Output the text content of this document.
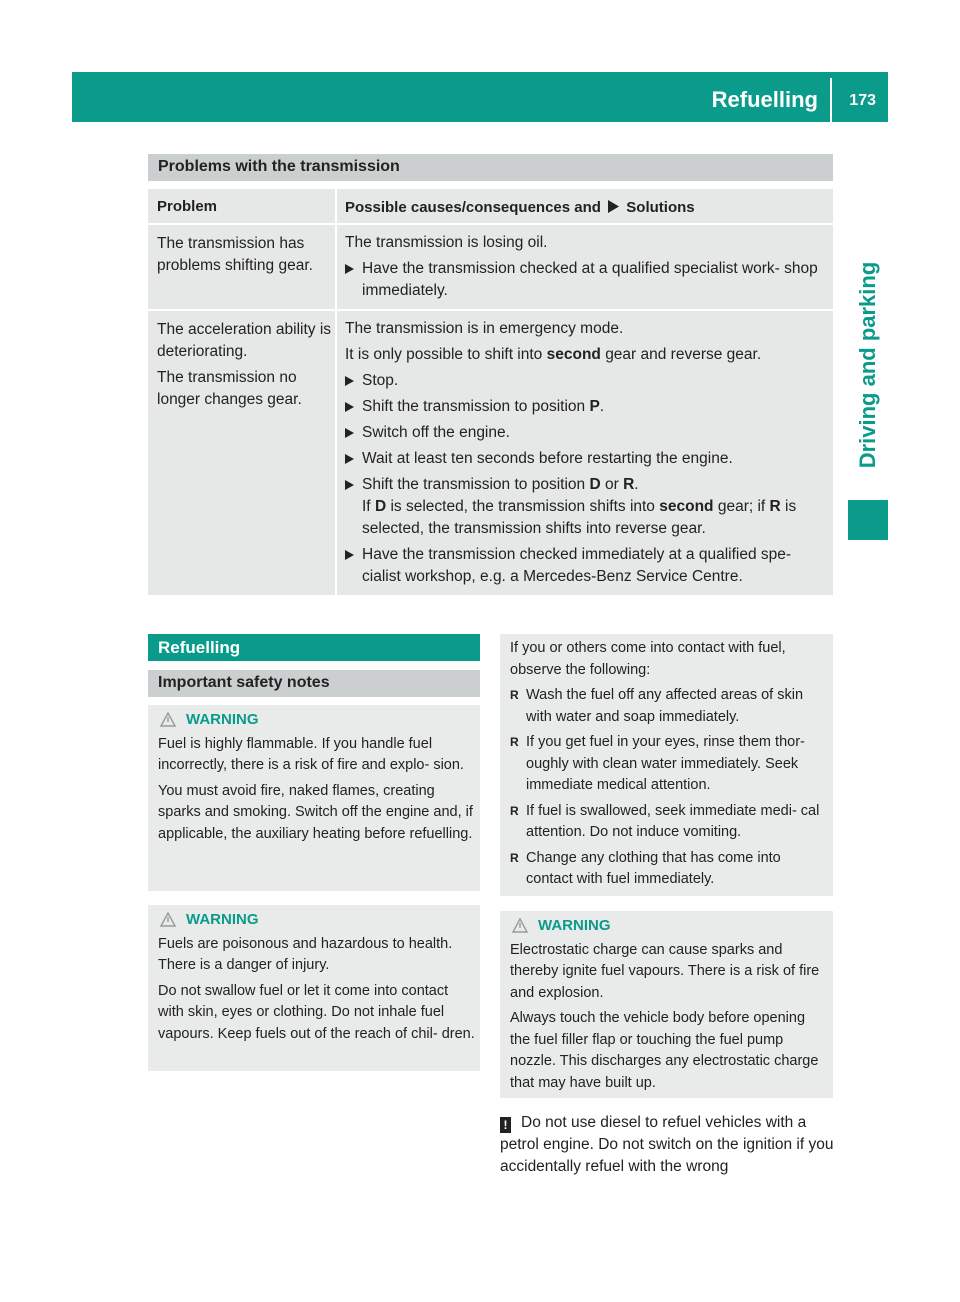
Refuelling 173
Driving and parking
Problems with the transmission
Problem	Possible causes/consequences and Solutions
The transmission has problems shifting gear.

The transmission is losing oil.

Have the transmission checked at a qualified specialist work- shop immediately.

The acceleration ability is deteriorating.

The transmission no longer changes gear.

The transmission is in emergency mode.

It is only possible to shift into second gear and reverse gear.

Stop.

Shift the transmission to position P.

Switch off the engine.

Wait at least ten seconds before restarting the engine.

Shift the transmission to position D or R.
If D is selected, the transmission shifts into second gear; if R is selected, the transmission shifts into reverse gear.

Have the transmission checked immediately at a qualified spe- cialist workshop, e.g. a Mercedes-Benz Service Centre.

Refuelling
Important safety notes
WARNING

Fuel is highly flammable. If you handle fuel incorrectly, there is a risk of fire and explo- sion.

You must avoid fire, naked flames, creating sparks and smoking. Switch off the engine and, if applicable, the auxiliary heating before refuelling.

WARNING

Fuels are poisonous and hazardous to health. There is a danger of injury.

Do not swallow fuel or let it come into contact with skin, eyes or clothing. Do not inhale fuel vapours. Keep fuels out of the reach of chil- dren.

If you or others come into contact with fuel, observe the following:

R Wash the fuel off any affected areas of skin with water and soap immediately.

R If you get fuel in your eyes, rinse them thor- oughly with clean water immediately. Seek immediate medical attention.

R If fuel is swallowed, seek immediate medi- cal attention. Do not induce vomiting.

R Change any clothing that has come into contact with fuel immediately.

WARNING

Electrostatic charge can cause sparks and thereby ignite fuel vapours. There is a risk of fire and explosion.

Always touch the vehicle body before opening the fuel filler flap or touching the fuel pump nozzle. This discharges any electrostatic charge that may have built up.

! Do not use diesel to refuel vehicles with a petrol engine. Do not switch on the ignition if you accidentally refuel with the wrong
